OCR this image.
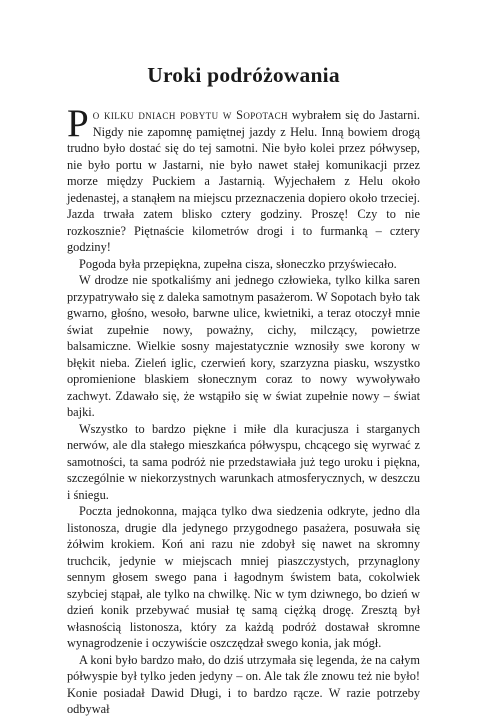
Uroki podróżowania

Po kilku dniach pobytu w Sopotach wybrałem się do Jastarni. Nigdy nie zapomnę pamiętnej jazdy z Helu. Inną bowiem drogą trudno było dostać się do tej samotni. Nie było kolei przez półwysep, nie było portu w Jastarni, nie było nawet stałej komunikacji przez morze między Puckiem a Jastarnią. Wyjechałem z Helu około jedenastej, a stanąłem na miejscu przeznaczenia dopiero około trzeciej. Jazda trwała zatem blisko cztery godziny. Proszę! Czy to nie rozkosznie? Piętnaście kilometrów drogi i to furmanką – cztery godziny!

Pogoda była przepiękna, zupełna cisza, słoneczko przyświecało.

W drodze nie spotkaliśmy ani jednego człowieka, tylko kilka saren przypatrywało się z daleka samotnym pasażerom. W Sopotach było tak gwarno, głośno, wesoło, barwne ulice, kwietniki, a teraz otoczył mnie świat zupełnie nowy, poważny, cichy, milczący, powietrze balsamiczne. Wielkie sosny majestatycznie wznosiły swe korony w błękit nieba. Zieleń iglic, czerwień kory, szarzyzna piasku, wszystko opromienione blaskiem słonecznym coraz to nowy wywoływało zachwyt. Zdawało się, że wstąpiło się w świat zupełnie nowy – świat bajki.

Wszystko to bardzo piękne i miłe dla kuracjusza i starganych nerwów, ale dla stałego mieszkańca półwyspu, chcącego się wyrwać z samotności, ta sama podróż nie przedstawiała już tego uroku i piękna, szczególnie w niekorzystnych warunkach atmosferycznych, w deszczu i śniegu.

Poczta jednokonna, mająca tylko dwa siedzenia odkryte, jedno dla listonosza, drugie dla jedynego przygodnego pasażera, posuwała się żółwim krokiem. Koń ani razu nie zdobył się nawet na skromny truchcik, jedynie w miejscach mniej piaszczystych, przynaglony sennym głosem swego pana i łagodnym świstem bata, cokolwiek szybciej stąpał, ale tylko na chwilkę. Nic w tym dziwnego, bo dzień w dzień konik przebywać musiał tę samą ciężką drogę. Zresztą był własnością listonosza, który za każdą podróż dostawał skromne wynagrodzenie i oczywiście oszczędzał swego konia, jak mógł.

A koni było bardzo mało, do dziś utrzymała się legenda, że na całym półwyspie był tylko jeden jedyny – on. Ale tak źle znowu też nie było! Konie posiadał Dawid Długi, i to bardzo rącze. W razie potrzeby odbywał
